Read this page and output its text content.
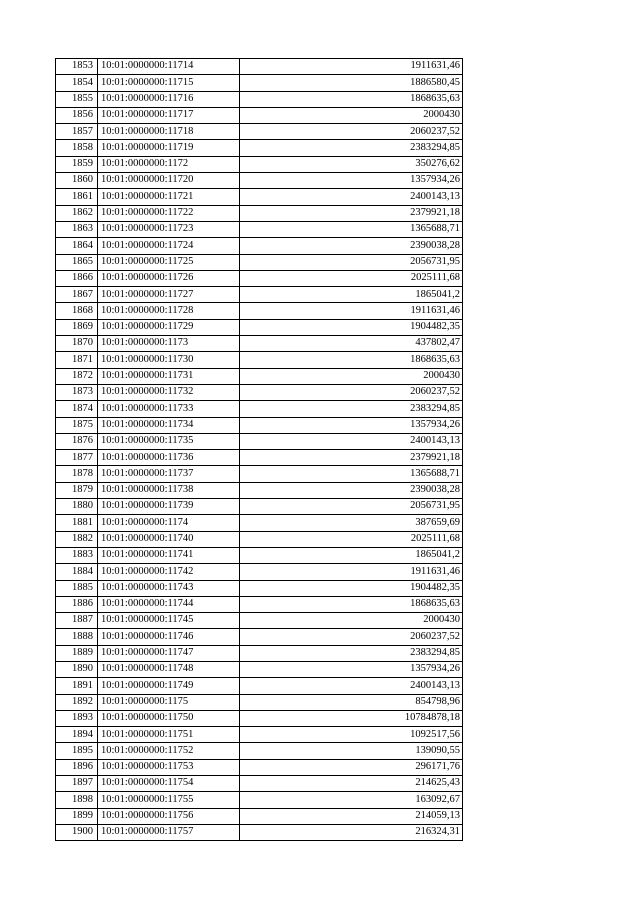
1853	10:01:0000000:11714	1911631,46
1854	10:01:0000000:11715	1886580,45
1855	10:01:0000000:11716	1868635,63
1856	10:01:0000000:11717	2000430
1857	10:01:0000000:11718	2060237,52
1858	10:01:0000000:11719	2383294,85
1859	10:01:0000000:1172	350276,62
1860	10:01:0000000:11720	1357934,26
1861	10:01:0000000:11721	2400143,13
1862	10:01:0000000:11722	2379921,18
1863	10:01:0000000:11723	1365688,71
1864	10:01:0000000:11724	2390038,28
1865	10:01:0000000:11725	2056731,95
1866	10:01:0000000:11726	2025111,68
1867	10:01:0000000:11727	1865041,2
1868	10:01:0000000:11728	1911631,46
1869	10:01:0000000:11729	1904482,35
1870	10:01:0000000:1173	437802,47
1871	10:01:0000000:11730	1868635,63
1872	10:01:0000000:11731	2000430
1873	10:01:0000000:11732	2060237,52
1874	10:01:0000000:11733	2383294,85
1875	10:01:0000000:11734	1357934,26
1876	10:01:0000000:11735	2400143,13
1877	10:01:0000000:11736	2379921,18
1878	10:01:0000000:11737	1365688,71
1879	10:01:0000000:11738	2390038,28
1880	10:01:0000000:11739	2056731,95
1881	10:01:0000000:1174	387659,69
1882	10:01:0000000:11740	2025111,68
1883	10:01:0000000:11741	1865041,2
1884	10:01:0000000:11742	1911631,46
1885	10:01:0000000:11743	1904482,35
1886	10:01:0000000:11744	1868635,63
1887	10:01:0000000:11745	2000430
1888	10:01:0000000:11746	2060237,52
1889	10:01:0000000:11747	2383294,85
1890	10:01:0000000:11748	1357934,26
1891	10:01:0000000:11749	2400143,13
1892	10:01:0000000:1175	854798,96
1893	10:01:0000000:11750	10784878,18
1894	10:01:0000000:11751	1092517,56
1895	10:01:0000000:11752	139090,55
1896	10:01:0000000:11753	296171,76
1897	10:01:0000000:11754	214625,43
1898	10:01:0000000:11755	163092,67
1899	10:01:0000000:11756	214059,13
1900	10:01:0000000:11757	216324,31
